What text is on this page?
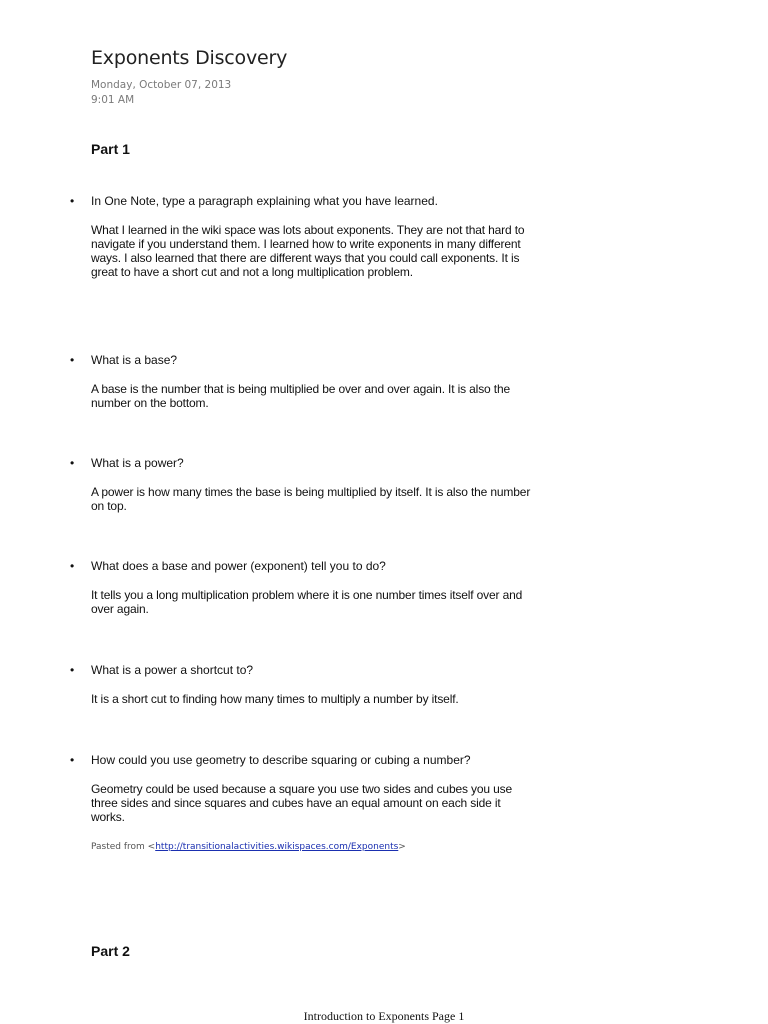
Exponents Discovery
Monday, October 07, 2013
9:01 AM
Part 1
• In One Note, type a paragraph explaining what you have learned.
What I learned in the wiki space was lots about exponents. They are not that hard to navigate if you understand them. I learned how to write exponents in many different ways. I also learned that there are different ways that you could call exponents. It is great to have a short cut and not a long multiplication problem.
• What is a base?
A base is the number that is being multiplied be over and over again. It is also the number on the bottom.
• What is a power?
A power is how many times the base is being multiplied by itself. It is also the number on top.
• What does a base and power (exponent) tell you to do?
It tells you a long multiplication problem where it is one number times itself over and over again.
• What is a power a shortcut to?
It is a short cut to finding how many times to multiply a number by itself.
• How could you use geometry to describe squaring or cubing a number?
Geometry could be used because a square you use two sides and cubes you use three sides and since squares and cubes have an equal amount on each side it works.
Pasted from <http://transitionalactivities.wikispaces.com/Exponents>
Part 2
Introduction to Exponents Page 1
